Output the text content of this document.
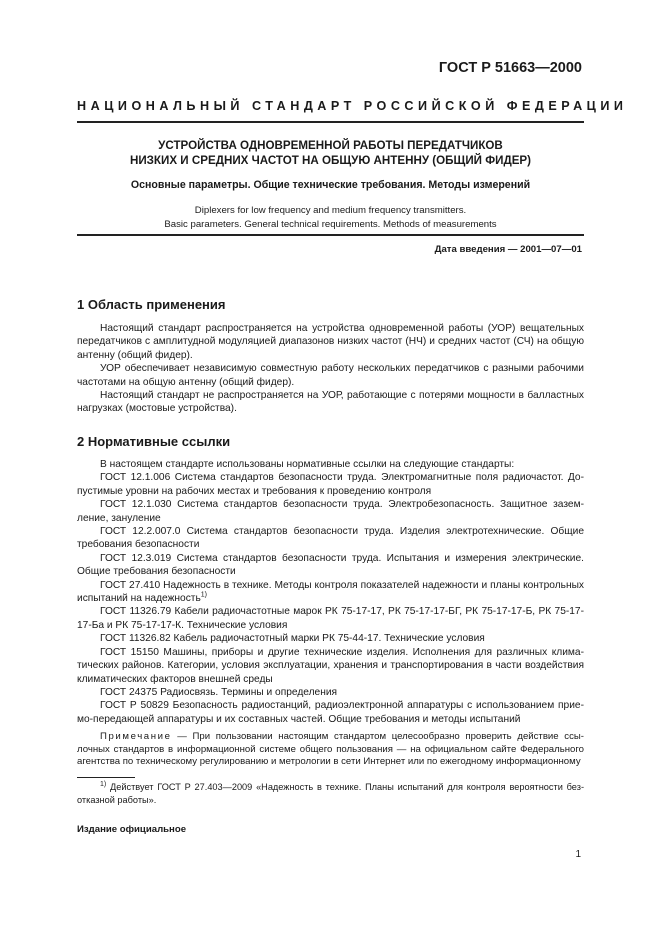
ГОСТ Р 51663—2000
НАЦИОНАЛЬНЫЙ СТАНДАРТ РОССИЙСКОЙ ФЕДЕРАЦИИ
УСТРОЙСТВА ОДНОВРЕМЕННОЙ РАБОТЫ ПЕРЕДАТЧИКОВ
НИЗКИХ И СРЕДНИХ ЧАСТОТ НА ОБЩУЮ АНТЕННУ (ОБЩИЙ ФИДЕР)
Основные параметры. Общие технические требования. Методы измерений
Diplexers for low frequency and medium frequency transmitters.
Basic parameters. General technical requirements. Methods of measurements
Дата введения — 2001—07—01
1 Область применения

Настоящий стандарт распространяется на устройства одновременной работы (УОР) вещательных передатчиков с амплитудной модуляцией диапазонов низких частот (НЧ) и средних частот (СЧ) на общую антенну (общий фидер).

УОР обеспечивает независимую совместную работу нескольких передатчиков с разными рабочими частотами на общую антенну (общий фидер).

Настоящий стандарт не распространяется на УОР, работающие с потерями мощности в балластных нагрузках (мостовые устройства).

2 Нормативные ссылки

В настоящем стандарте использованы нормативные ссылки на следующие стандарты:

ГОСТ 12.1.006 Система стандартов безопасности труда. Электромагнитные поля радиочастот. Допустимые уровни на рабочих местах и требования к проведению контроля

ГОСТ 12.1.030 Система стандартов безопасности труда. Электробезопасность. Защитное заземление, зануление

ГОСТ 12.2.007.0 Система стандартов безопасности труда. Изделия электротехнические. Общие требования безопасности

ГОСТ 12.3.019 Система стандартов безопасности труда. Испытания и измерения электрические. Общие требования безопасности

ГОСТ 27.410 Надежность в технике. Методы контроля показателей надежности и планы контрольных испытаний на надежность$^{1)}$

ГОСТ 11326.79 Кабели радиочастотные марок РК 75-17-17, РК 75-17-17-БГ, РК 75-17-17-Б, РК 75-17-17-Ба и РК 75-17-17-К. Технические условия

ГОСТ 11326.82 Кабель радиочастотный марки РК 75-44-17. Технические условия

ГОСТ 15150 Машины, приборы и другие технические изделия. Исполнения для различных климатических районов. Категории, условия эксплуатации, хранения и транспортирования в части воздействия климатических факторов внешней среды

ГОСТ 24375 Радиосвязь. Термины и определения

ГОСТ Р 50829 Безопасность радиостанций, радиоэлектронной аппаратуры с использованием приемо-передающей аппаратуры и их составных частей. Общие требования и методы испытаний

Примечание — При пользовании настоящим стандартом целесообразно проверить действие ссылочных стандартов в информационной системе общего пользования — на официальном сайте Федерального агентства по техническому регулированию и метрологии в сети Интернет или по ежегодному информационному

$^{1)}$ Действует ГОСТ Р 27.403—2009 «Надежность в технике. Планы испытаний для контроля вероятности безотказной работы».
Издание официальное
1
